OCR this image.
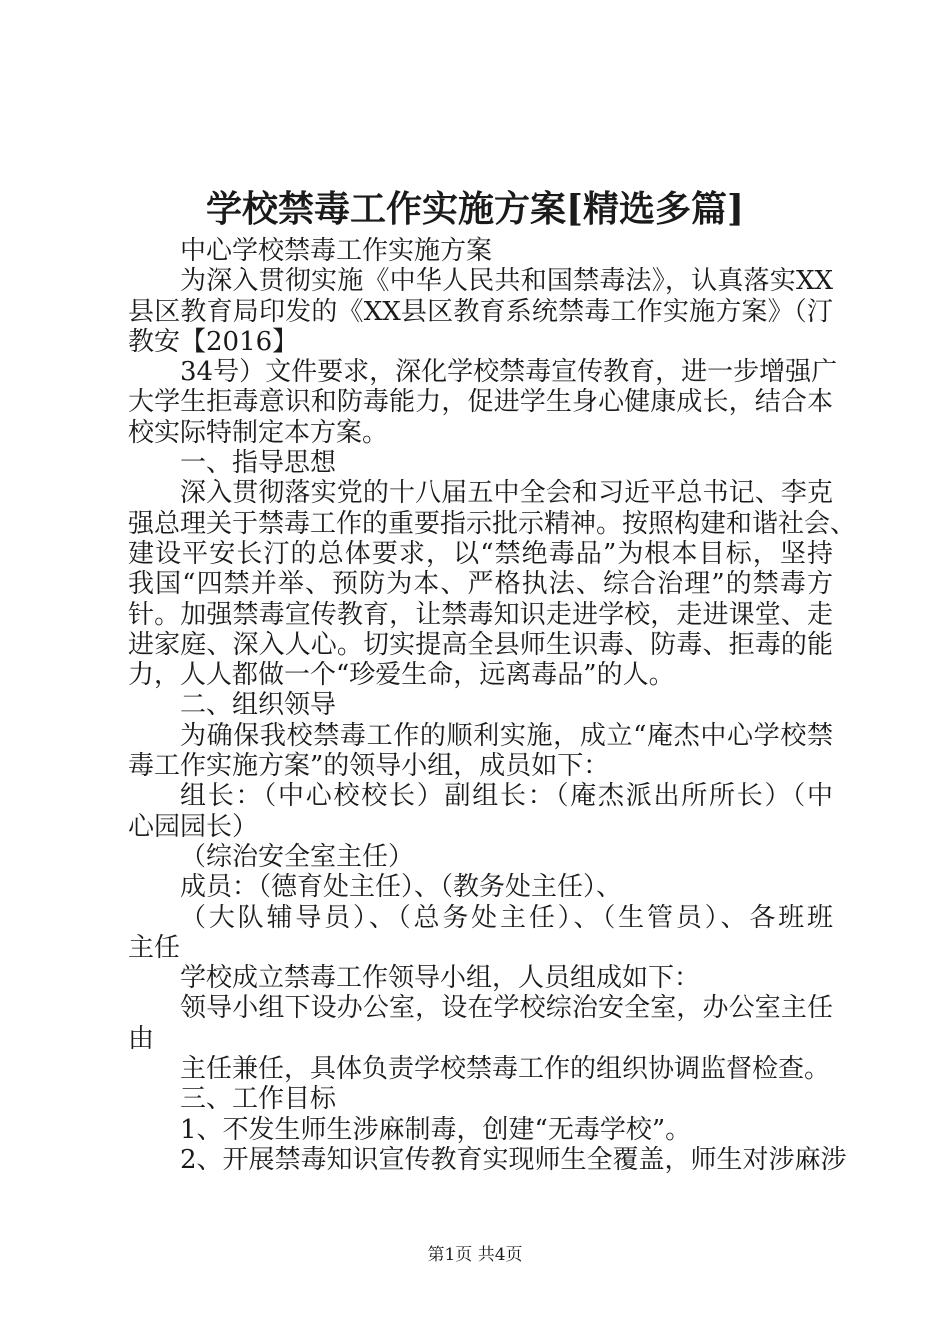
学校禁毒工作实施方案[精选多篇]
中心学校禁毒工作实施方案
为深入贯彻实施《中华人民共和国禁毒法》，认真落实XX
县区教育局印发的《XX县区教育系统禁毒工作实施方案》（汀
教安【2016】
34号）文件要求，深化学校禁毒宣传教育，进一步增强广
大学生拒毒意识和防毒能力，促进学生身心健康成长，结合本
校实际特制定本方案。
一、指导思想
深入贯彻落实党的十八届五中全会和习近平总书记、李克
强总理关于禁毒工作的重要指示批示精神。按照构建和谐社会、
建设平安长汀的总体要求，以“禁绝毒品”为根本目标，坚持
我国“四禁并举、预防为本、严格执法、综合治理”的禁毒方
针。加强禁毒宣传教育，让禁毒知识走进学校，走进课堂、走
进家庭、深入人心。切实提高全县师生识毒、防毒、拒毒的能
力，人人都做一个“珍爱生命，远离毒品”的人。
二、组织领导
为确保我校禁毒工作的顺利实施，成立“庵杰中心学校禁
毒工作实施方案”的领导小组，成员如下：
组长：（中心校校长）副组长：（庵杰派出所所长）（中
心园园长）
（综治安全室主任）
成员：（德育处主任）、（教务处主任）、
（大队辅导员）、（总务处主任）、（生管员）、各班班
主任
学校成立禁毒工作领导小组，人员组成如下：
领导小组下设办公室，设在学校综治安全室，办公室主任
由
主任兼任，具体负责学校禁毒工作的组织协调监督检查。
三、工作目标
1、不发生师生涉麻制毒，创建“无毒学校”。
2、开展禁毒知识宣传教育实现师生全覆盖，师生对涉麻涉
第1页 共4页
